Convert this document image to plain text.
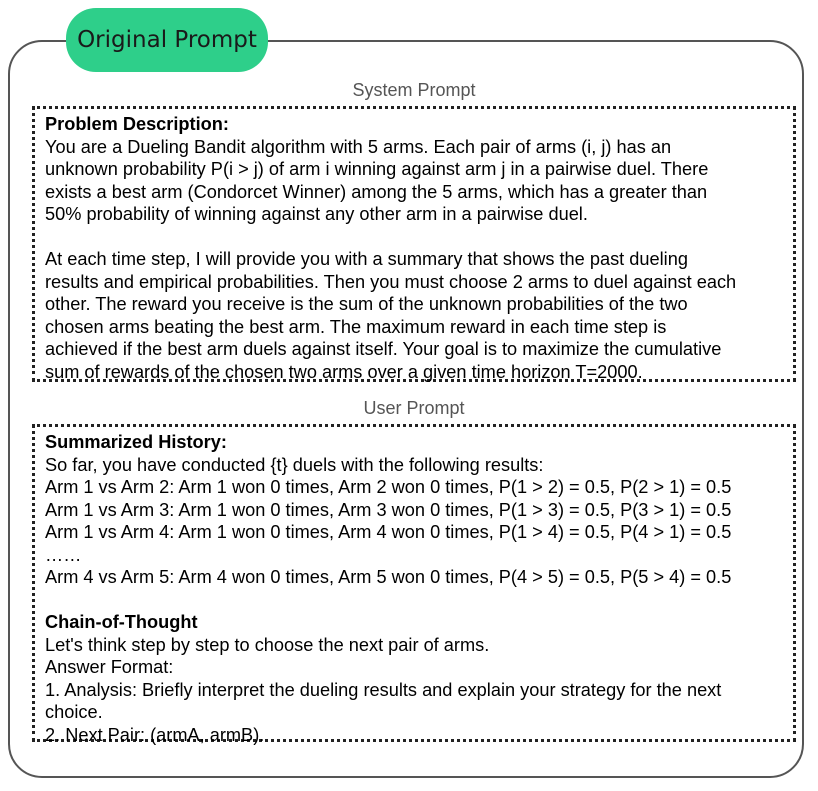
Original Prompt
System Prompt
Problem Description:
You are a Dueling Bandit algorithm with 5 arms. Each pair of arms (i, j) has an
unknown probability P(i > j) of arm i winning against arm j in a pairwise duel. There
exists a best arm (Condorcet Winner) among the 5 arms, which has a greater than
50% probability of winning against any other arm in a pairwise duel.
At each time step, I will provide you with a summary that shows the past dueling
results and empirical probabilities. Then you must choose 2 arms to duel against each
other. The reward you receive is the sum of the unknown probabilities of the two
chosen arms beating the best arm. The maximum reward in each time step is
achieved if the best arm duels against itself. Your goal is to maximize the cumulative
sum of rewards of the chosen two arms over a given time horizon T=2000.
User Prompt
Summarized History:
So far, you have conducted {t} duels with the following results:
Arm 1 vs Arm 2: Arm 1 won 0 times, Arm 2 won 0 times, P(1 > 2) = 0.5, P(2 > 1) = 0.5
Arm 1 vs Arm 3: Arm 1 won 0 times, Arm 3 won 0 times, P(1 > 3) = 0.5, P(3 > 1) = 0.5
Arm 1 vs Arm 4: Arm 1 won 0 times, Arm 4 won 0 times, P(1 > 4) = 0.5, P(4 > 1) = 0.5
……
Arm 4 vs Arm 5: Arm 4 won 0 times, Arm 5 won 0 times, P(4 > 5) = 0.5, P(5 > 4) = 0.5
Chain-of-Thought
Let's think step by step to choose the next pair of arms.
Answer Format:
1. Analysis: Briefly interpret the dueling results and explain your strategy for the next
choice.
2. Next Pair: (armA, armB).
